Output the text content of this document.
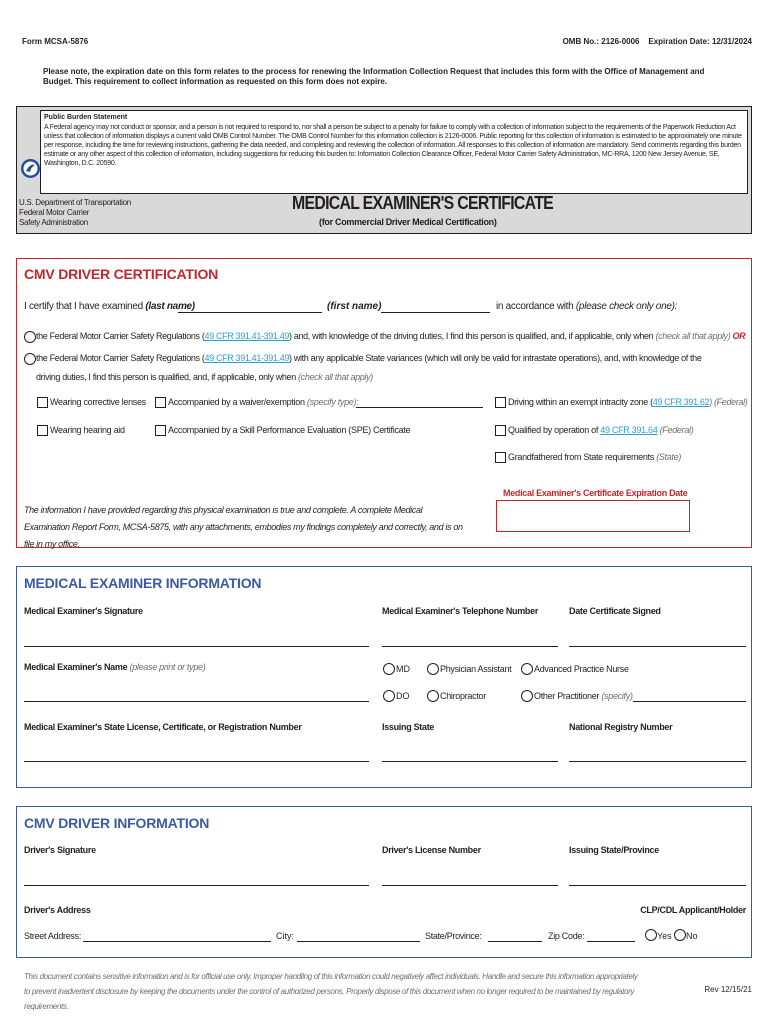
Form MCSA-5876	OMB No.: 2126-0006    Expiration Date: 12/31/2024
Please note, the expiration date on this form relates to the process for renewing the Information Collection Request that includes this form with the Office of Management and Budget. This requirement to collect information as requested on this form does not expire.
Public Burden Statement
A Federal agency may not conduct or sponsor, and a person is not required to respond to, nor shall a person be subject to a penalty for failure to comply with a collection of information subject to the requirements of the Paperwork Reduction Act unless that collection of information displays a current valid OMB Control Number. The OMB Control Number for this information collection is 2126-0006. Public reporting for this collection of information is estimated to be approximately one minute per response, including the time for reviewing instructions, gathering the data needed, and completing and reviewing the collection of information. All responses to this collection of information are mandatory. Send comments regarding this burden estimate or any other aspect of this collection of information, including suggestions for reducing this burden to: Information Collection Clearance Officer, Federal Motor Carrier Safety Administration, MC-RRA, 1200 New Jersey Avenue, SE, Washington, D.C. 20590.
U.S. Department of Transportation
Federal Motor Carrier
Safety Administration
MEDICAL EXAMINER'S CERTIFICATE
(for Commercial Driver Medical Certification)
CMV DRIVER CERTIFICATION
I certify that I have examined (last name)	(first name)	in accordance with (please check only one):
the Federal Motor Carrier Safety Regulations (49 CFR 391.41-391.49) and, with knowledge of the driving duties, I find this person is qualified, and, if applicable, only when (check all that apply) OR
the Federal Motor Carrier Safety Regulations (49 CFR 391.41-391.49) with any applicable State variances (which will only be valid for intrastate operations), and, with knowledge of the
driving duties, I find this person is qualified, and, if applicable, only when (check all that apply)
Wearing corrective lenses Accompanied by a waiver/exemption (specify type):	Driving within an exempt intracity zone (49 CFR 391.62) (Federal)
Wearing hearing aid	Accompanied by a Skill Performance Evaluation (SPE) Certificate	Qualified by operation of 49 CFR 391.64 (Federal)
Grandfathered from State requirements (State)
Medical Examiner's Certificate Expiration Date
The information I have provided regarding this physical examination is true and complete. A complete Medical Examination Report Form, MCSA-5875, with any attachments, embodies my findings completely and correctly, and is on file in my office.
MEDICAL EXAMINER INFORMATION
Medical Examiner's Signature	Medical Examiner's Telephone Number	Date Certificate Signed
Medical Examiner's Name (please print or type)	MD	Physician Assistant	Advanced Practice Nurse
DO	Chiropractor	Other Practitioner (specify)
Medical Examiner's State License, Certificate, or Registration Number	Issuing State	National Registry Number
CMV DRIVER INFORMATION
Driver's Signature	Driver's License Number	Issuing State/Province
Driver's Address	CLP/CDL Applicant/Holder
Street Address:	City:	State/Province:	Zip Code:	Yes No
This document contains sensitive information and is for official use only. Improper handling of this information could negatively affect individuals. Handle and secure this information appropriately to prevent inadvertent disclosure by keeping the documents under the control of authorized persons. Properly dispose of this document when no longer required to be maintained by regulatory requirements.
Rev 12/15/21
